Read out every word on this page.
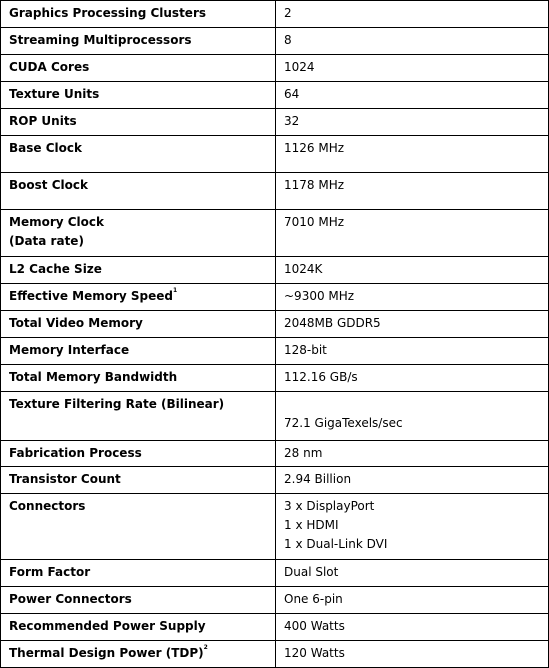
Graphics Processing Clusters	2

Streaming Multiprocessors	8

CUDA Cores	1024

Texture Units	64

ROP Units	32

Base Clock	1126 MHz

Boost Clock	1178 MHz

Memory Clock
(Data rate)	7010 MHz

L2 Cache Size	1024K

Effective Memory Speed$^1$	~9300 MHz

Total Video Memory	2048MB GDDR5

Memory Interface	128-bit

Total Memory Bandwidth	112.16 GB/s

Texture Filtering Rate (Bilinear)	72.1 GigaTexels/sec

Fabrication Process	28 nm

Transistor Count	2.94 Billion

Connectors	3 x DisplayPort
1 x HDMI
1 x Dual-Link DVI

Form Factor	Dual Slot

Power Connectors	One 6-pin

Recommended Power Supply	400 Watts

Thermal Design Power (TDP)$^2$	120 Watts
